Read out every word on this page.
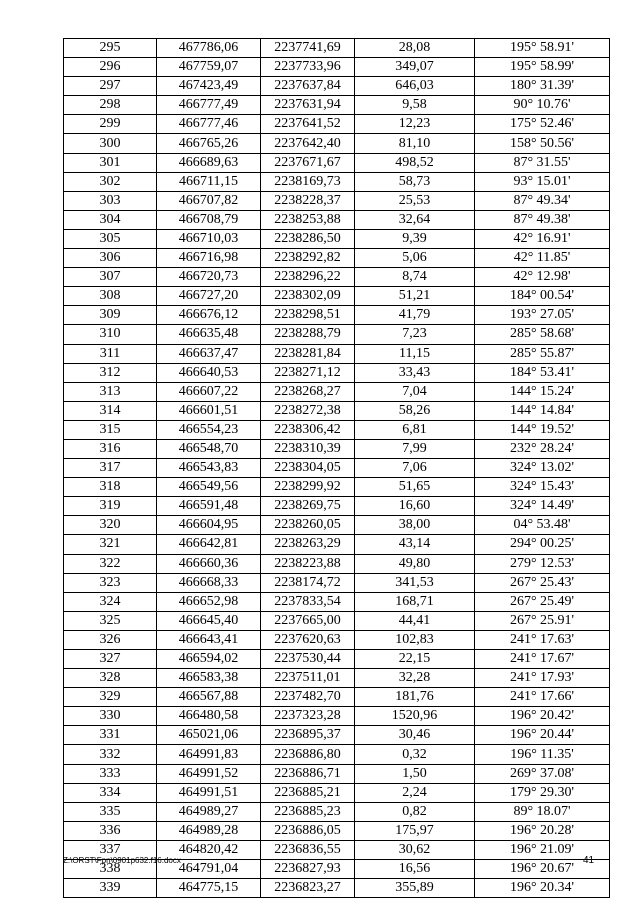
295	467786,06	2237741,69	28,08	195° 58.91'
296	467759,07	2237733,96	349,07	195° 58.99'
297	467423,49	2237637,84	646,03	180° 31.39'
298	466777,49	2237631,94	9,58	90° 10.76'
299	466777,46	2237641,52	12,23	175° 52.46'
300	466765,26	2237642,40	81,10	158° 50.56'
301	466689,63	2237671,67	498,52	87° 31.55'
302	466711,15	2238169,73	58,73	93° 15.01'
303	466707,82	2238228,37	25,53	87° 49.34'
304	466708,79	2238253,88	32,64	87° 49.38'
305	466710,03	2238286,50	9,39	42° 16.91'
306	466716,98	2238292,82	5,06	42° 11.85'
307	466720,73	2238296,22	8,74	42° 12.98'
308	466727,20	2238302,09	51,21	184° 00.54'
309	466676,12	2238298,51	41,79	193° 27.05'
310	466635,48	2238288,79	7,23	285° 58.68'
311	466637,47	2238281,84	11,15	285° 55.87'
312	466640,53	2238271,12	33,43	184° 53.41'
313	466607,22	2238268,27	7,04	144° 15.24'
314	466601,51	2238272,38	58,26	144° 14.84'
315	466554,23	2238306,42	6,81	144° 19.52'
316	466548,70	2238310,39	7,99	232° 28.24'
317	466543,83	2238304,05	7,06	324° 13.02'
318	466549,56	2238299,92	51,65	324° 15.43'
319	466591,48	2238269,75	16,60	324° 14.49'
320	466604,95	2238260,05	38,00	04° 53.48'
321	466642,81	2238263,29	43,14	294° 00.25'
322	466660,36	2238223,88	49,80	279° 12.53'
323	466668,33	2238174,72	341,53	267° 25.43'
324	466652,98	2237833,54	168,71	267° 25.49'
325	466645,40	2237665,00	44,41	267° 25.91'
326	466643,41	2237620,63	102,83	241° 17.63'
327	466594,02	2237530,44	22,15	241° 17.67'
328	466583,38	2237511,01	32,28	241° 17.93'
329	466567,88	2237482,70	181,76	241° 17.66'
330	466480,58	2237323,28	1520,96	196° 20.42'
331	465021,06	2236895,37	30,46	196° 20.44'
332	464991,83	2236886,80	0,32	196° 11.35'
333	464991,52	2236886,71	1,50	269° 37.08'
334	464991,51	2236885,21	2,24	179° 29.30'
335	464989,27	2236885,23	0,82	89° 18.07'
336	464989,28	2236886,05	175,97	196° 20.28'
337	464820,42	2236836,55	30,62	196° 21.09'
338	464791,04	2236827,93	16,56	196° 20.67'
339	464775,15	2236823,27	355,89	196° 20.34'
Z:\ORST\Fpn\0901p632.f16.docx	41
